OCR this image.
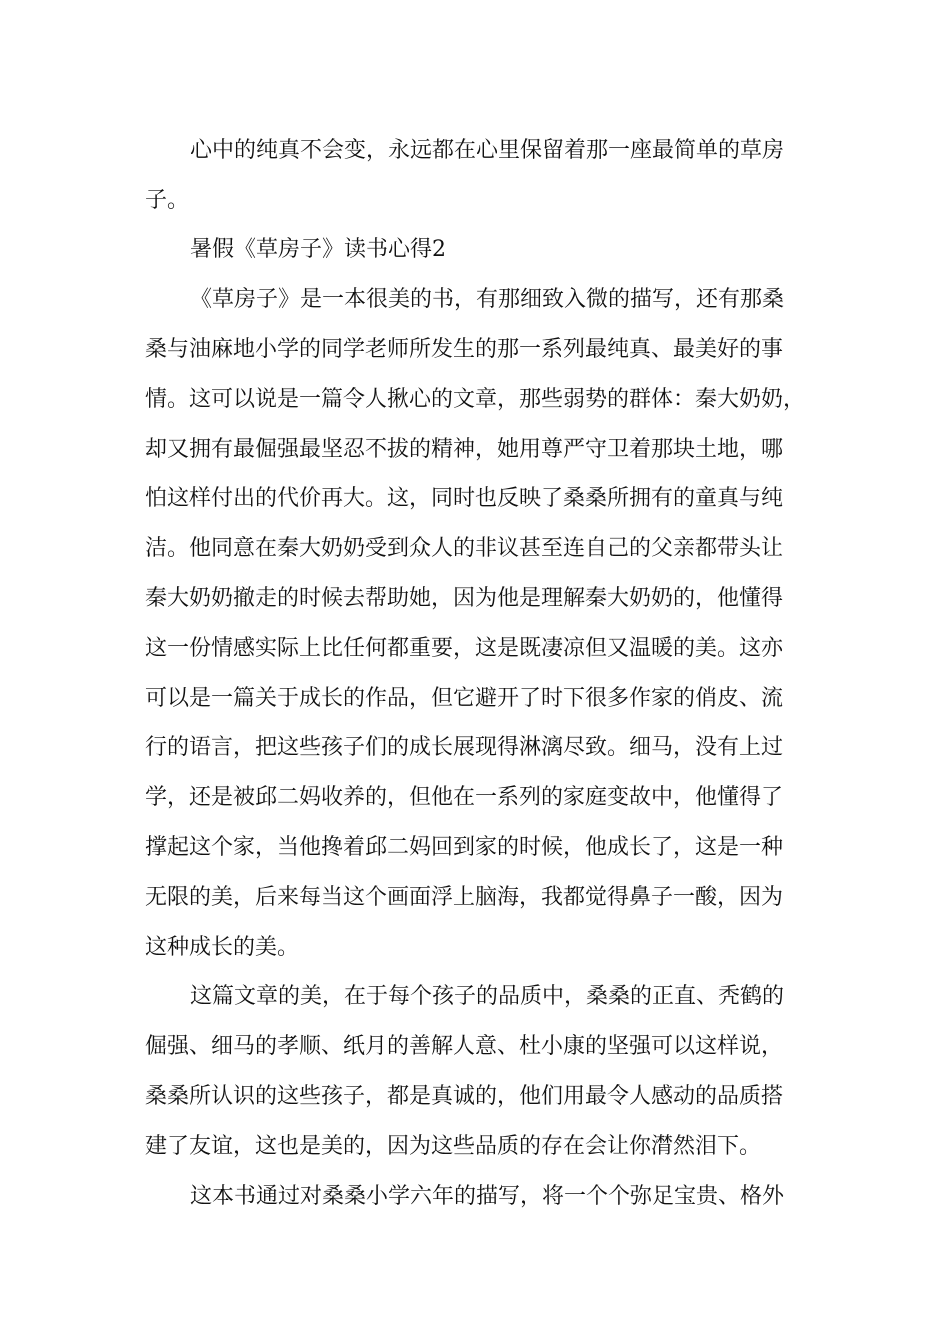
心中的纯真不会变，永远都在心里保留着那一座最简单的草房
子。
暑假《草房子》读书心得2
《草房子》是一本很美的书，有那细致入微的描写，还有那桑
桑与油麻地小学的同学老师所发生的那一系列最纯真、最美好的事
情。这可以说是一篇令人揪心的文章，那些弱势的群体：秦大奶奶，
却又拥有最倔强最坚忍不拔的精神，她用尊严守卫着那块土地，哪
怕这样付出的代价再大。这，同时也反映了桑桑所拥有的童真与纯
洁。他同意在秦大奶奶受到众人的非议甚至连自己的父亲都带头让
秦大奶奶撤走的时候去帮助她，因为他是理解秦大奶奶的，他懂得
这一份情感实际上比任何都重要，这是既凄凉但又温暖的美。这亦
可以是一篇关于成长的作品，但它避开了时下很多作家的俏皮、流
行的语言，把这些孩子们的成长展现得淋漓尽致。细马，没有上过
学，还是被邱二妈收养的，但他在一系列的家庭变故中，他懂得了
撑起这个家，当他搀着邱二妈回到家的时候，他成长了，这是一种
无限的美，后来每当这个画面浮上脑海，我都觉得鼻子一酸，因为
这种成长的美。
这篇文章的美，在于每个孩子的品质中，桑桑的正直、秃鹤的
倔强、细马的孝顺、纸月的善解人意、杜小康的坚强可以这样说，
桑桑所认识的这些孩子，都是真诚的，他们用最令人感动的品质搭
建了友谊，这也是美的，因为这些品质的存在会让你潸然泪下。
这本书通过对桑桑小学六年的描写，将一个个弥足宝贵、格外
